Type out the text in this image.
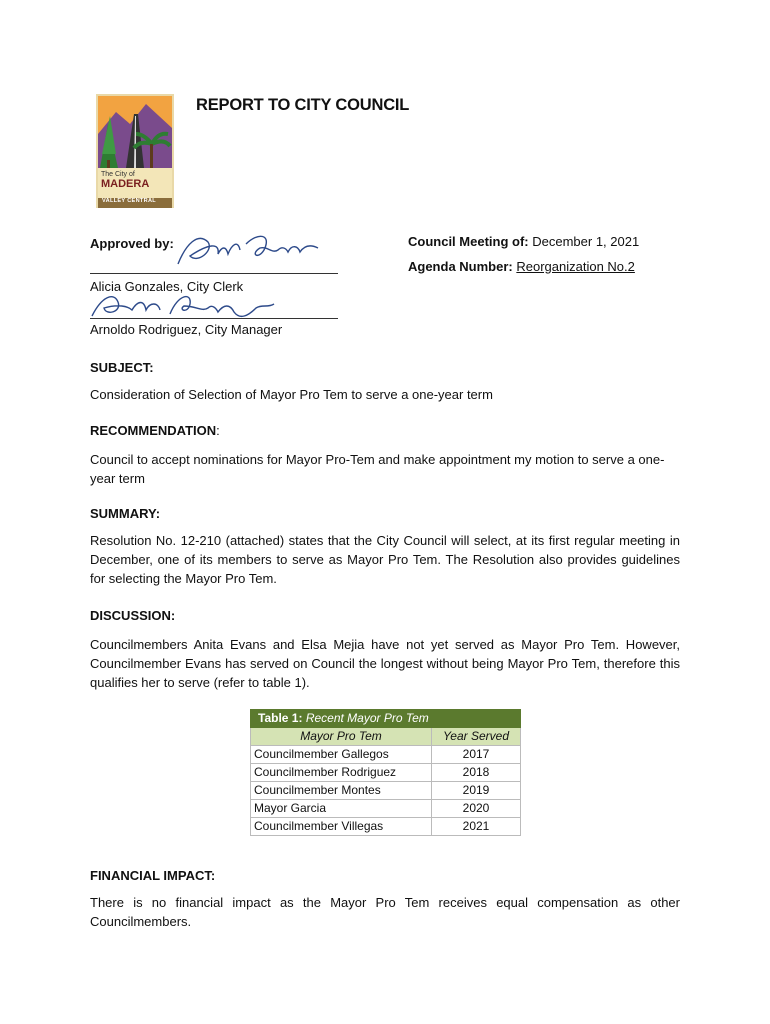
The City of
MADERA
VALLEY CENTRAL
REPORT TO CITY COUNCIL
Approved by:
Alicia Gonzales, City Clerk
Arnoldo Rodriguez, City Manager
Council Meeting of: December 1, 2021
Agenda Number: Reorganization No.2
SUBJECT:
Consideration of Selection of Mayor Pro Tem to serve a one-year term
RECOMMENDATION:
Council to accept nominations for Mayor Pro-Tem and make appointment my motion to serve a one-year term
SUMMARY:
Resolution No. 12-210 (attached) states that the City Council will select, at its first regular meeting in December, one of its members to serve as Mayor Pro Tem. The Resolution also provides guidelines for selecting the Mayor Pro Tem.
DISCUSSION:
Councilmembers Anita Evans and Elsa Mejia have not yet served as Mayor Pro Tem. However, Councilmember Evans has served on Council the longest without being Mayor Pro Tem, therefore this qualifies her to serve (refer to table 1).
Table 1: Recent Mayor Pro Tem	
Mayor Pro Tem	Year Served
Councilmember Gallegos	2017
Councilmember Rodriguez	2018
Councilmember Montes	2019
Mayor Garcia	2020
Councilmember Villegas	2021
FINANCIAL IMPACT:
There is no financial impact as the Mayor Pro Tem receives equal compensation as other Councilmembers.
